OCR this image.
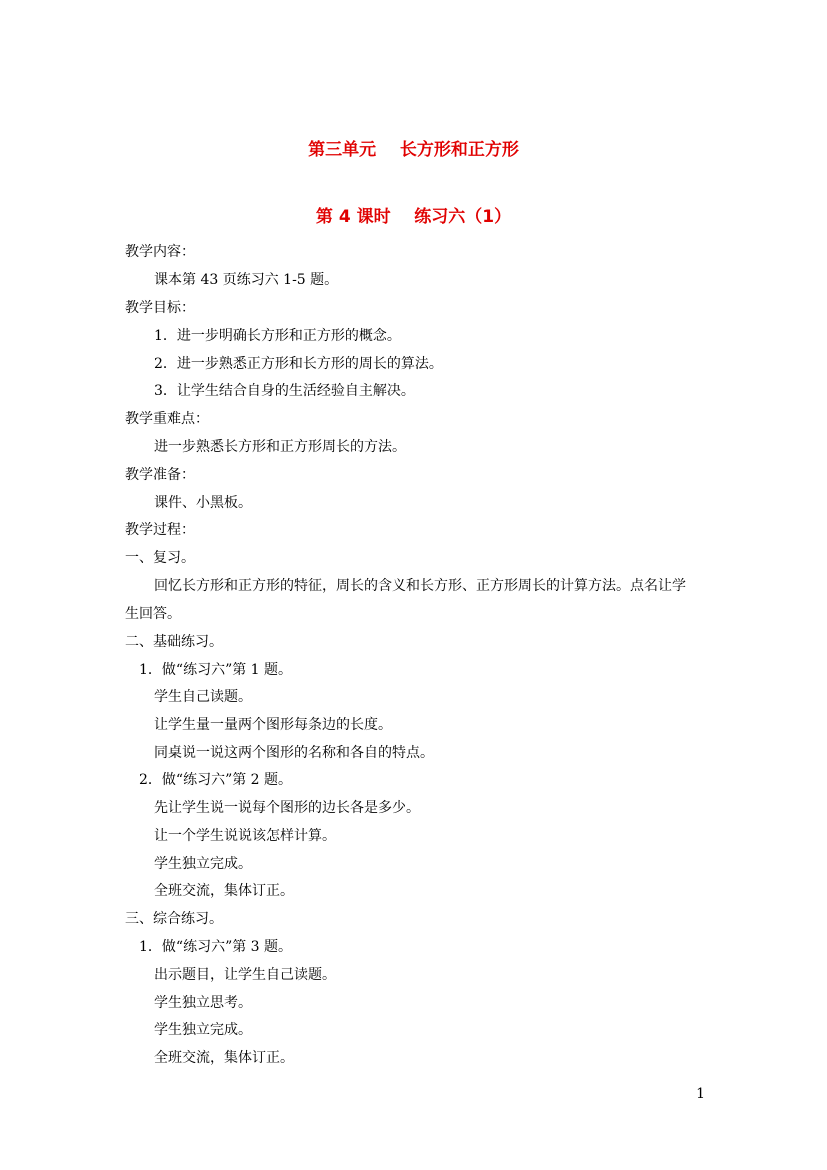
第三单元    长方形和正方形
第 4 课时    练习六（1）
教学内容：
课本第 43 页练习六 1-5 题。
教学目标：
1．进一步明确长方形和正方形的概念。
2．进一步熟悉正方形和长方形的周长的算法。
3．让学生结合自身的生活经验自主解决。
教学重难点：
进一步熟悉长方形和正方形周长的方法。
教学准备：
课件、小黑板。
教学过程：
一、复习。
回忆长方形和正方形的特征，周长的含义和长方形、正方形周长的计算方法。点名让学
生回答。
二、基础练习。
1．做“练习六”第 1 题。
学生自己读题。
让学生量一量两个图形每条边的长度。
同桌说一说这两个图形的名称和各自的特点。
2．做“练习六”第 2 题。
先让学生说一说每个图形的边长各是多少。
让一个学生说说该怎样计算。
学生独立完成。
全班交流，集体订正。
三、综合练习。
1．做“练习六”第 3 题。
出示题目，让学生自己读题。
学生独立思考。
学生独立完成。
全班交流，集体订正。
1
